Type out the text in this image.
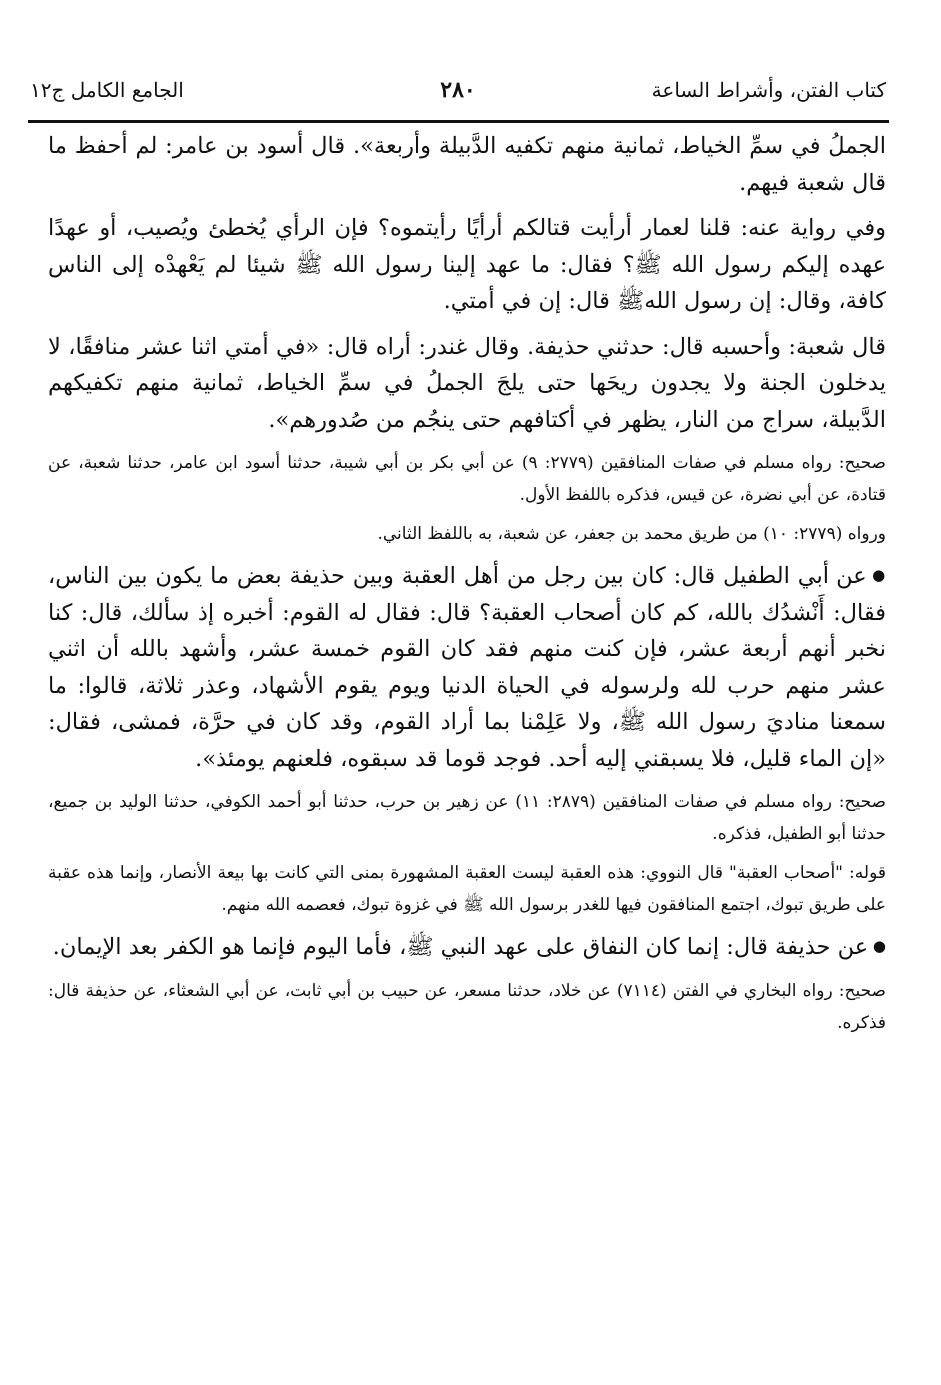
كتاب الفتن، وأشراط الساعة
٢٨٠
الجامع الكامل ج١٢

الجملُ في سمِّ الخياط، ثمانية منهم تكفيه الدَّبيلة وأربعة». قال أسود بن عامر: لم أحفظ ما قال شعبة فيهم.

وفي رواية عنه: قلنا لعمار أرأيت قتالكم أرأيًا رأيتموه؟ فإن الرأي يُخطئ ويُصيب، أو عهدًا عهده إليكم رسول الله ﷺ؟ فقال: ما عهد إلينا رسول الله ﷺ شيئا لم يَعْهدْه إلى الناس كافة، وقال: إن رسول اللهﷺ قال: إن في أمتي.

قال شعبة: وأحسبه قال: حدثني حذيفة. وقال غندر: أراه قال: «في أمتي اثنا عشر منافقًا، لا يدخلون الجنة ولا يجدون ريحَها حتى يلجَ الجملُ في سمِّ الخياط، ثمانية منهم تكفيكهم الدَّبيلة، سراج من النار، يظهر في أكتافهم حتى ينجُم من صُدورهم».

صحيح: رواه مسلم في صفات المنافقين (٢٧٧٩: ٩) عن أبي بكر بن أبي شيبة، حدثنا أسود ابن عامر، حدثنا شعبة، عن قتادة، عن أبي نضرة، عن قيس، فذكره باللفظ الأول.

ورواه (٢٧٧٩: ١٠) من طريق محمد بن جعفر، عن شعبة، به باللفظ الثاني.

● عن أبي الطفيل قال: كان بين رجل من أهل العقبة وبين حذيفة بعض ما يكون بين الناس، فقال: أَنْشدُك بالله، كم كان أصحاب العقبة؟ قال: فقال له القوم: أخبره إذ سألك، قال: كنا نخبر أنهم أربعة عشر، فإن كنت منهم فقد كان القوم خمسة عشر، وأشهد بالله أن اثني عشر منهم حرب لله ولرسوله في الحياة الدنيا ويوم يقوم الأشهاد، وعذر ثلاثة، قالوا: ما سمعنا مناديَ رسول الله ﷺ، ولا عَلِمْنا بما أراد القوم، وقد كان في حرَّة، فمشى، فقال: «إن الماء قليل، فلا يسبقني إليه أحد. فوجد قوما قد سبقوه، فلعنهم يومئذ».

صحيح: رواه مسلم في صفات المنافقين (٢٨٧٩: ١١) عن زهير بن حرب، حدثنا أبو أحمد الكوفي، حدثنا الوليد بن جميع، حدثنا أبو الطفيل، فذكره.

قوله: "أصحاب العقبة" قال النووي: هذه العقبة ليست العقبة المشهورة بمنى التي كانت بها بيعة الأنصار، وإنما هذه عقبة على طريق تبوك، اجتمع المنافقون فيها للغدر برسول الله ﷺ في غزوة تبوك، فعصمه الله منهم.

● عن حذيفة قال: إنما كان النفاق على عهد النبي ﷺ، فأما اليوم فإنما هو الكفر بعد الإيمان.

صحيح: رواه البخاري في الفتن (٧١١٤) عن خلاد، حدثنا مسعر، عن حبيب بن أبي ثابت، عن أبي الشعثاء، عن حذيفة قال: فذكره.
